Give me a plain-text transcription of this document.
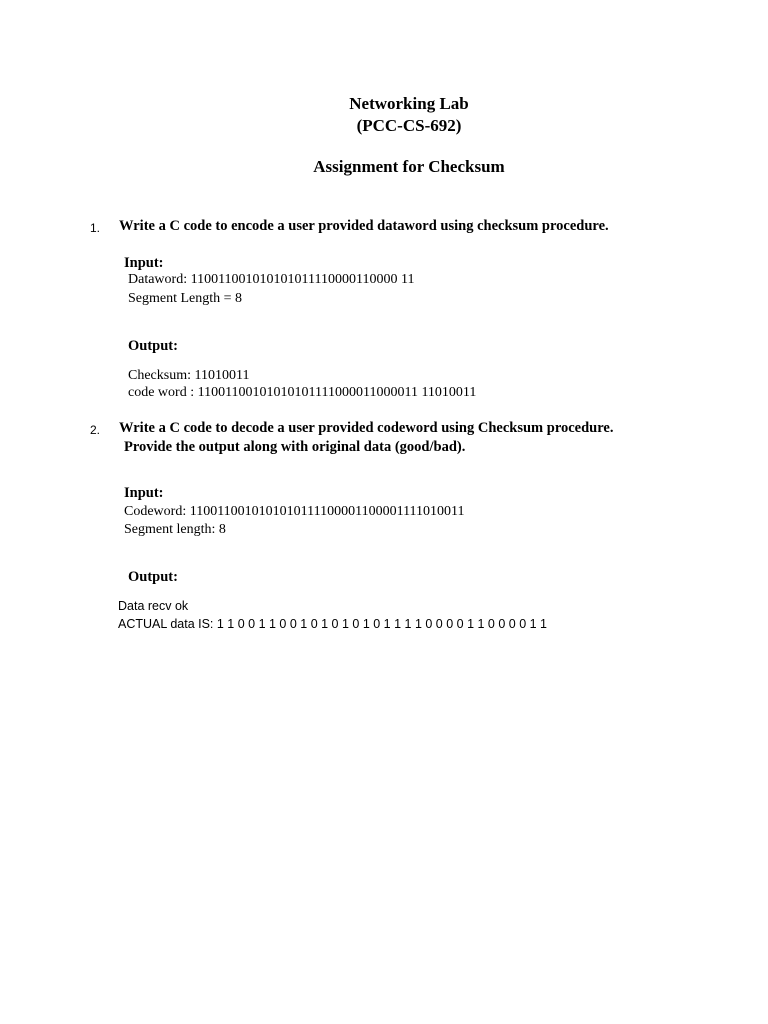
Networking Lab
(PCC-CS-692)
Assignment for Checksum
1. Write a C code to encode a user provided dataword using checksum procedure.
Input:
Dataword: 110011001010101011110000110000 11
Segment Length = 8
Output:
Checksum: 11010011
code word : 11001100101010101111000011000011 11010011
2. Write a C code to decode a user provided codeword using Checksum procedure.
Provide the output along with original data (good/bad).
Input:
Codeword: 1100110010101010111100001100001111010011
Segment length: 8
Output:
Data recv ok
ACTUAL data IS: 1 1 0 0 1 1 0 0 1 0 1 0 1 0 1 0 1 1 1 1 0 0 0 0 1 1 0 0 0 0 1 1
